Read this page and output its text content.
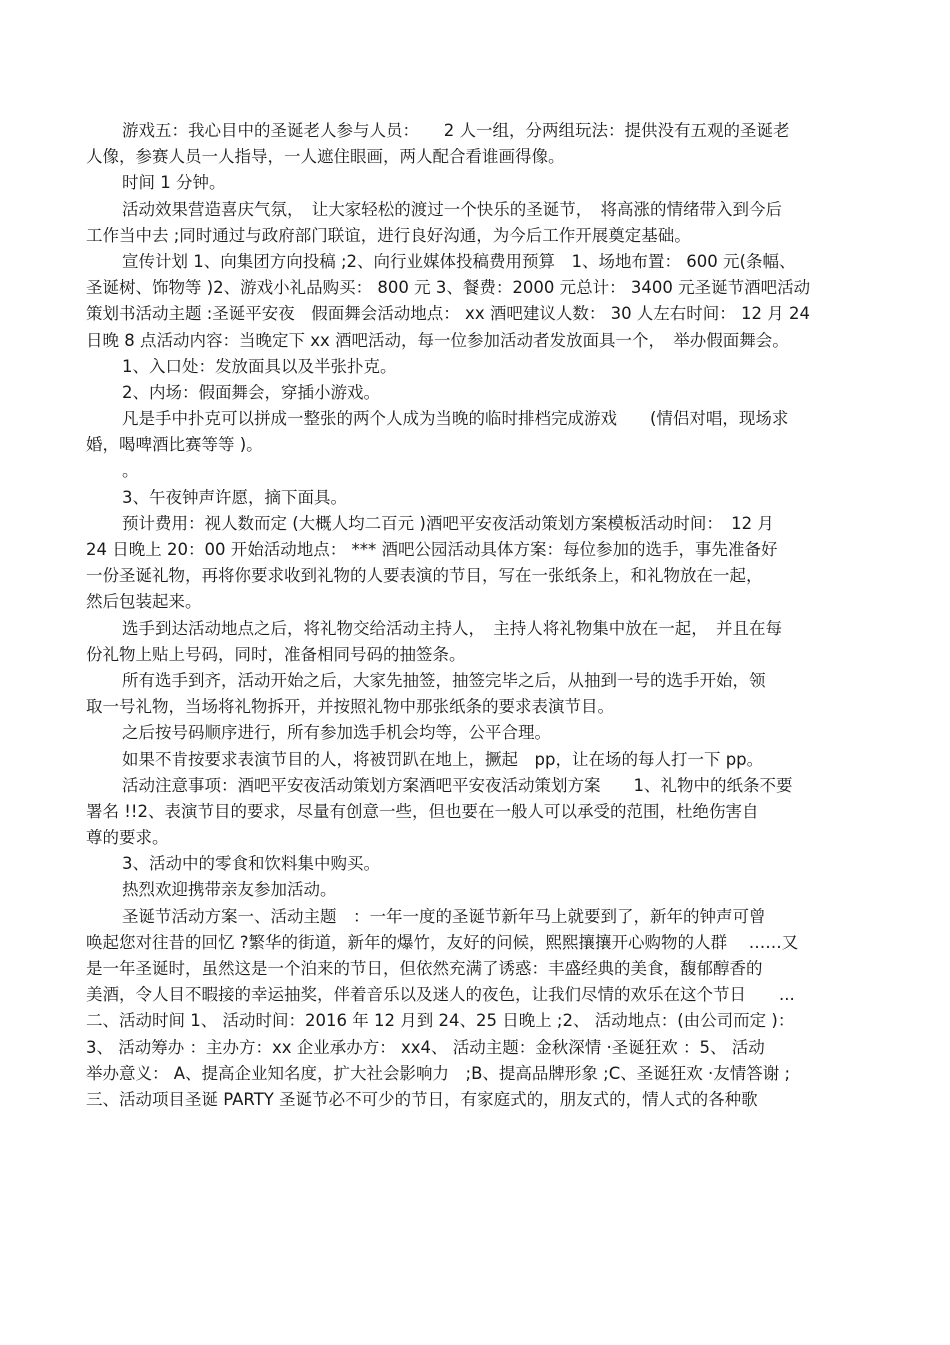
游戏五：我心目中的圣诞老人参与人员：　　2 人一组，分两组玩法：提供没有五观的圣诞老
人像，参赛人员一人指导，一人遮住眼画，两人配合看谁画得像。
时间 1 分钟。
活动效果营造喜庆气氛，　让大家轻松的渡过一个快乐的圣诞节，　将高涨的情绪带入到今后
工作当中去 ;同时通过与政府部门联谊，进行良好沟通，为今后工作开展奠定基础。
宣传计划 1、向集团方向投稿 ;2、向行业媒体投稿费用预算　1、场地布置： 600 元(条幅、
圣诞树、饰物等 )2、游戏小礼品购买： 800 元 3、餐费：2000 元总计： 3400 元圣诞节酒吧活动
策划书活动主题 :圣诞平安夜　假面舞会活动地点： xx 酒吧建议人数： 30 人左右时间： 12 月 24
日晚 8 点活动内容：当晚定下 xx 酒吧活动，每一位参加活动者发放面具一个，　举办假面舞会。
1、入口处：发放面具以及半张扑克。
2、内场：假面舞会，穿插小游戏。
凡是手中扑克可以拼成一整张的两个人成为当晚的临时排档完成游戏　　(情侣对唱，现场求
婚，喝啤酒比赛等等 )。
。
3、午夜钟声许愿，摘下面具。
预计费用：视人数而定 (大概人均二百元 )酒吧平安夜活动策划方案模板活动时间：　12 月
24 日晚上 20：00 开始活动地点： *** 酒吧公园活动具体方案：每位参加的选手，事先准备好
一份圣诞礼物，再将你要求收到礼物的人要表演的节目，写在一张纸条上，和礼物放在一起，
然后包装起来。
选手到达活动地点之后，将礼物交给活动主持人，　主持人将礼物集中放在一起，　并且在每
份礼物上贴上号码，同时，准备相同号码的抽签条。
所有选手到齐，活动开始之后，大家先抽签，抽签完毕之后，从抽到一号的选手开始，领
取一号礼物，当场将礼物拆开，并按照礼物中那张纸条的要求表演节目。
之后按号码顺序进行，所有参加选手机会均等，公平合理。
如果不肯按要求表演节目的人，将被罚趴在地上，撅起　pp，让在场的每人打一下 pp。
活动注意事项：酒吧平安夜活动策划方案酒吧平安夜活动策划方案　　1、礼物中的纸条不要
署名 !!2、表演节目的要求，尽量有创意一些，但也要在一般人可以承受的范围，杜绝伤害自
尊的要求。
3、活动中的零食和饮料集中购买。
热烈欢迎携带亲友参加活动。
圣诞节活动方案一、活动主题　：一年一度的圣诞节新年马上就要到了，新年的钟声可曾
唤起您对往昔的回忆 ?繁华的街道，新年的爆竹，友好的问候，熙熙攘攘开心购物的人群　 ……又
是一年圣诞时，虽然这是一个泊来的节日，但依然充满了诱惑：丰盛经典的美食，馥郁醇香的
美酒，令人目不暇接的幸运抽奖，伴着音乐以及迷人的夜色，让我们尽情的欢乐在这个节日　　...
二、活动时间 1、 活动时间：2016 年 12 月到 24、25 日晚上 ;2、 活动地点：(由公司而定 )：
3、 活动筹办 ：主办方：xx 企业承办方： xx4、 活动主题：金秋深情 ·圣诞狂欢 ：5、 活动
举办意义： A、提高企业知名度，扩大社会影响力　;B、提高品牌形象 ;C、圣诞狂欢 ·友情答谢 ;
三、活动项目圣诞 PARTY 圣诞节必不可少的节日，有家庭式的，朋友式的，情人式的各种歌
